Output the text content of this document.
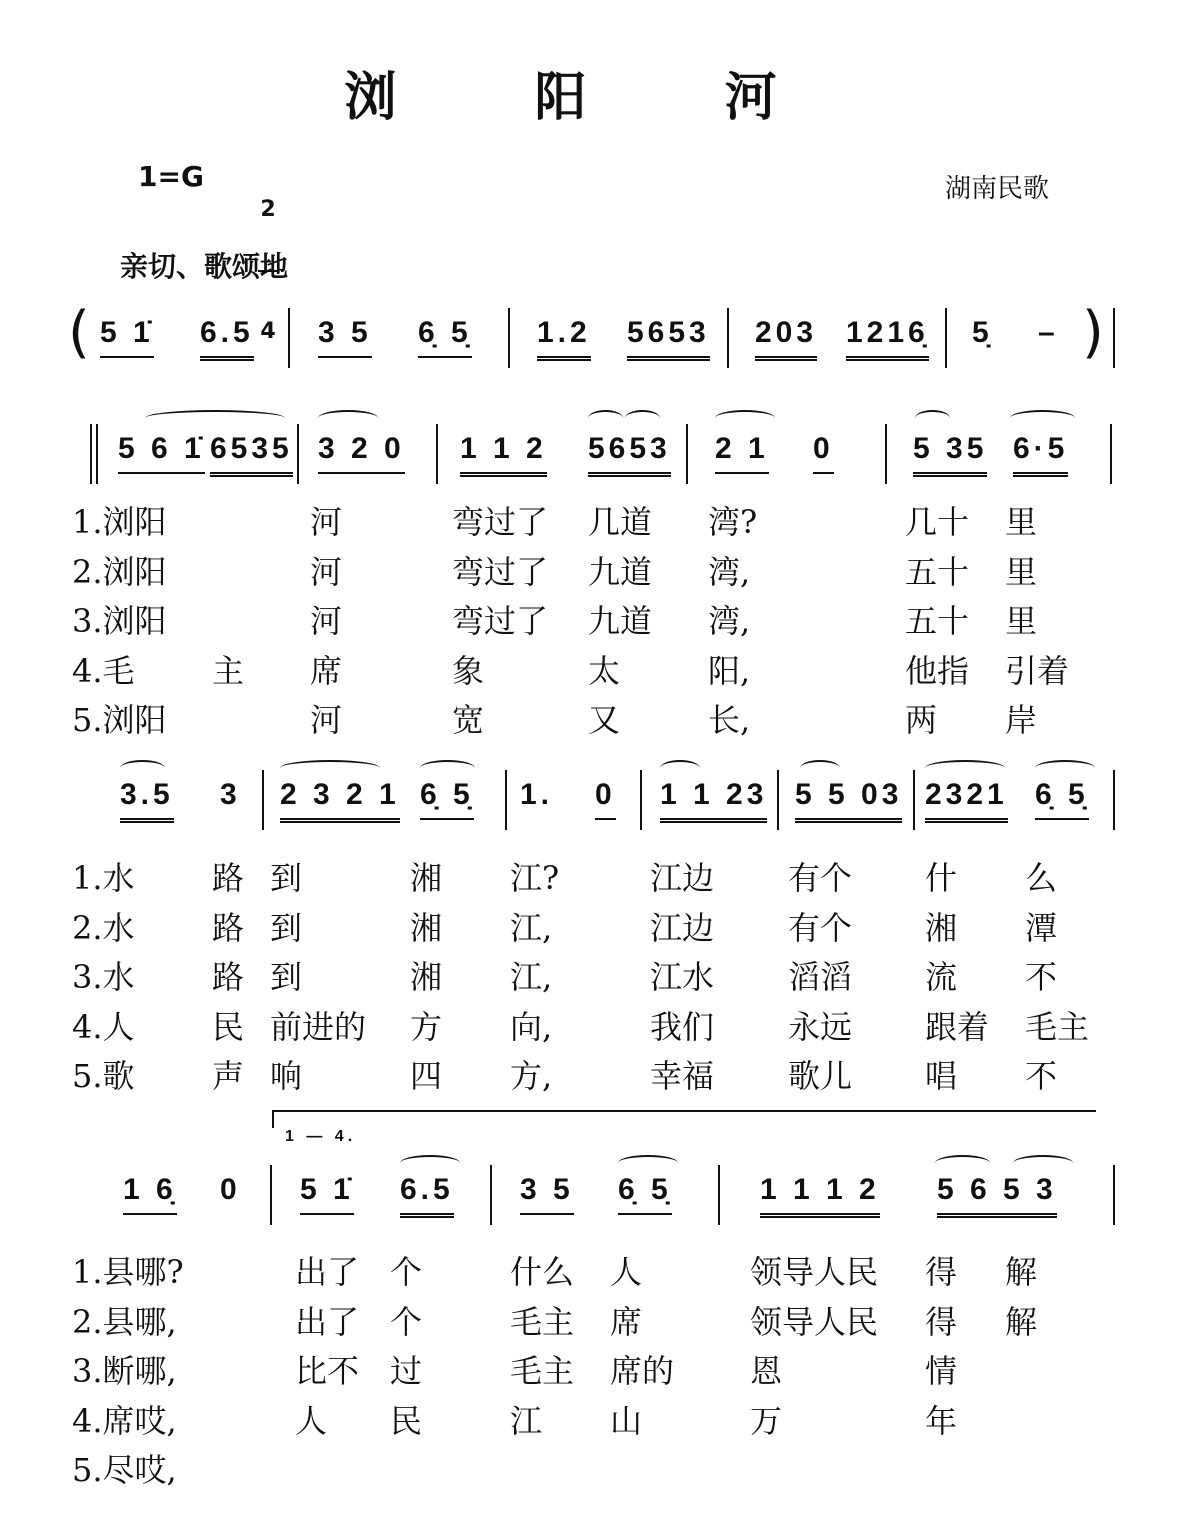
浏 阳 河
1=G

2

4

湖南民歌
亲切、歌颂地
1 — 4.
(	)
5 1̇ 6.5 3 5 6̣ 5̣ 1.2 5653 203 1216̣ 5̣ –
5 6 1̇ 6535 3 2 0 1 1 2 5653 2 1 0	5 35 6·5
3.5 3 2 3 2 1 6̣ 5̣ 1. 0 1 1 23 5 5 03 2321 6̣ 5̣
1 6̣ 0 5 1̇ 6.5 3 5 6̣ 5̣	1 1 1 2 5 6 5 3
1.浏阳	河	弯过了 几道 湾?	几十 里
2.浏阳	河	弯过了 九道 湾,	五十 里
3.浏阳	河	弯过了 九道 湾,	五十 里
4.毛 主 席	象	太	阳,	他指 引着
5.浏阳	河	宽	又	长,	两 岸
1.水 路 到	湘 江?	江边 有个 什 么
2.水 路 到	湘 江,	江边 有个 湘 潭
3.水 路 到	湘 江,	江水 滔滔 流 不
4.人 民 前进的 方 向,	我们 永远 跟着 毛主
5.歌 声 响	四 方,	幸福 歌儿 唱 不
1.县哪?	出了 个	什么 人	领导人民 得 解
2.县哪,	出了 个	毛主 席	领导人民 得 解
3.断哪,	比不 过	毛主 席的 恩	情
4.席哎,	人 民	江 山	万	年
5.尽哎,
